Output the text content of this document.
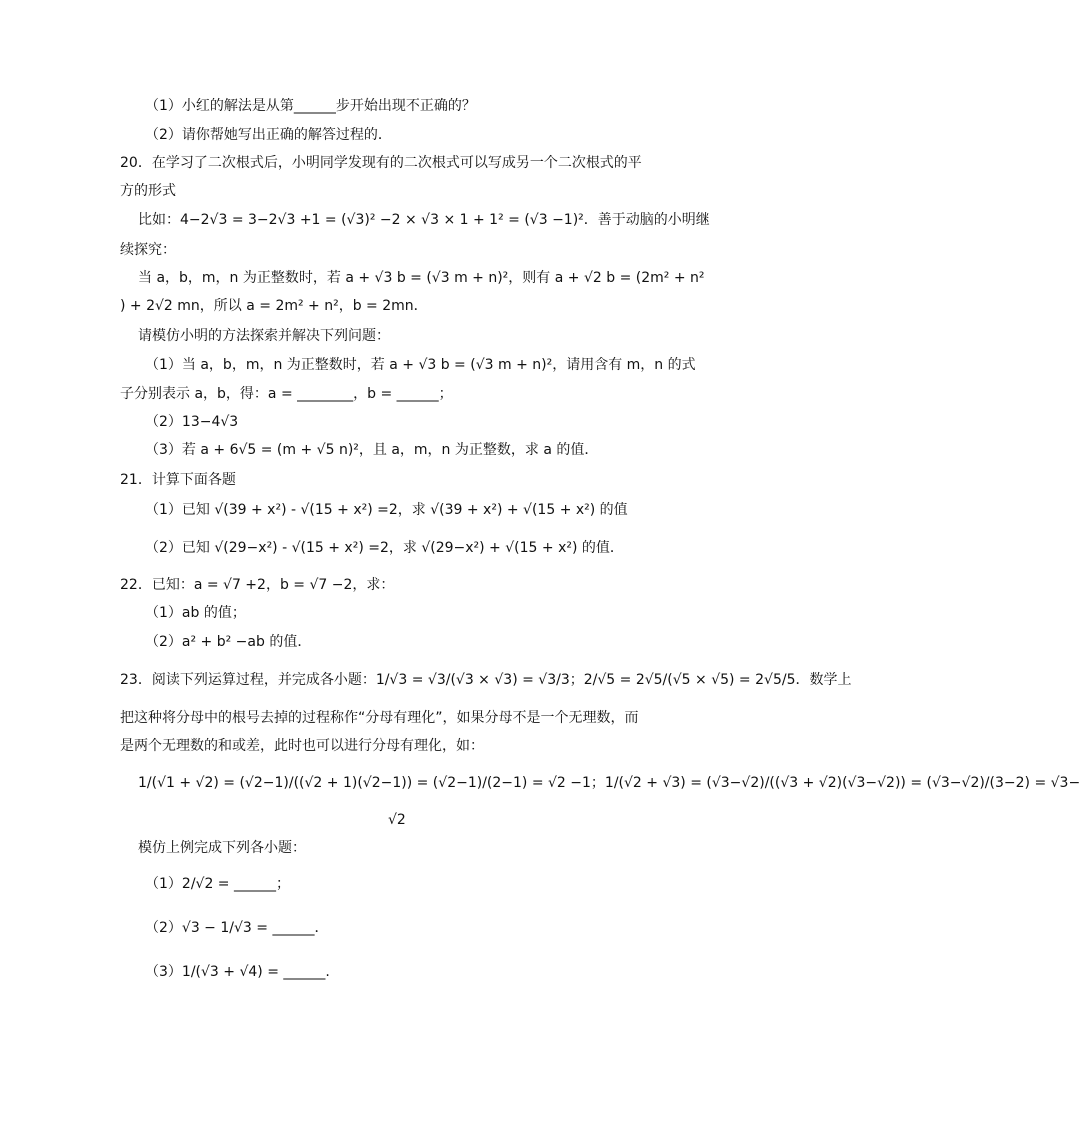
（1）小红的解法是从第______步开始出现不正确的？
（2）请你帮她写出正确的解答过程的．
20．在学习了二次根式后，小明同学发现有的二次根式可以写成另一个二次根式的平
方的形式
比如：4−2√3 = 3−2√3 +1 = (√3)² −2 × √3 × 1 + 1² = (√3 −1)²．善于动脑的小明继
续探究：
当 a，b，m，n 为正整数时，若 a + √3 b = (√3 m + n)²，则有 a + √2 b = (2m² + n²
) + 2√2 mn，所以 a = 2m² + n²，b = 2mn．
请模仿小明的方法探索并解决下列问题：
（1）当 a，b，m，n 为正整数时，若 a + √3 b = (√3 m + n)²，请用含有 m，n 的式
子分别表示 a，b，得：a = ________，b = ______；
（2）13−4√3
（3）若 a + 6√5 = (m + √5 n)²，且 a，m，n 为正整数，求 a 的值．
21．计算下面各题
（1）已知 √(39 + x²) - √(15 + x²) =2，求 √(39 + x²) + √(15 + x²) 的值
（2）已知 √(29−x²) - √(15 + x²) =2，求 √(29−x²) + √(15 + x²) 的值．
22．已知：a = √7 +2，b = √7 −2，求：
（1）ab 的值；
（2）a² + b² −ab 的值．
23．阅读下列运算过程，并完成各小题：1/√3 = √3/(√3 × √3) = √3/3；2/√5 = 2√5/(√5 × √5) = 2√5/5．数学上
把这种将分母中的根号去掉的过程称作“分母有理化”，如果分母不是一个无理数，而
是两个无理数的和或差，此时也可以进行分母有理化，如：
1/(√1 + √2) = (√2−1)/((√2 + 1)(√2−1)) = (√2−1)/(2−1) = √2 −1；1/(√2 + √3) = (√3−√2)/((√3 + √2)(√3−√2)) = (√3−√2)/(3−2) = √3−
√2
模仿上例完成下列各小题：
（1）2/√2 = ______；
（2）√3 − 1/√3 = ______．
（3）1/(√3 + √4) = ______.
